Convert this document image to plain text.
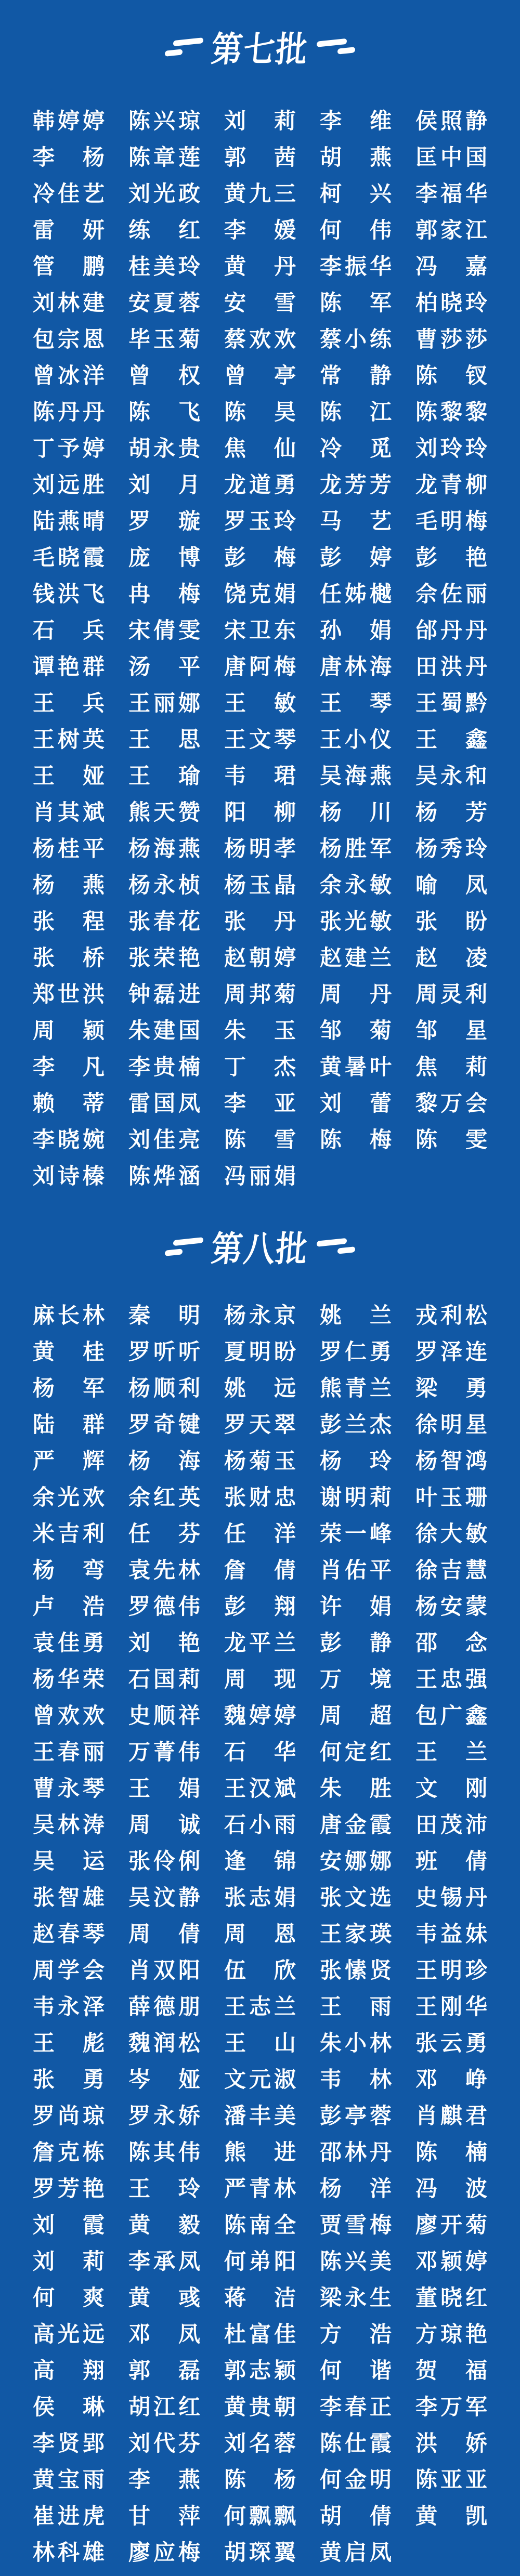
第七批
韩 婷 婷 陈 兴 琼 刘 莉 李 维 侯 照 静
李 杨 陈 章 莲 郭 茜 胡 燕 匡 中 国
冷 佳 艺 刘 光 政 黄 九 三 柯 兴 李 福 华
雷 妍 练 红 李 媛 何 伟 郭 家 江
管 鹏 桂 美 玲 黄 丹 李 振 华 冯 嘉
刘 林 建 安 夏 蓉 安 雪 陈 军 柏 晓 玲
包 宗 恩 毕 玉 菊 蔡 欢 欢 蔡 小 练 曹 莎 莎
曾 冰 洋 曾 权 曾 亭 常 静 陈 钗
陈 丹 丹 陈 飞 陈 昊 陈 江 陈 黎 黎
丁 予 婷 胡 永 贵 焦 仙 冷 觅 刘 玲 玲
刘 远 胜 刘 月 龙 道 勇 龙 芳 芳 龙 青 柳
陆 燕 晴 罗 璇 罗 玉 玲 马 艺 毛 明 梅
毛 晓 霞 庞 博 彭 梅 彭 婷 彭 艳
钱 洪 飞 冉 梅 饶 克 娟 任 姊 樾 佘 佐 丽
石 兵 宋 倩 雯 宋 卫 东 孙 娟 邰 丹 丹
谭 艳 群 汤 平 唐 阿 梅 唐 林 海 田 洪 丹
王 兵 王 丽 娜 王 敏 王 琴 王 蜀 黔
王 树 英 王 思 王 文 琴 王 小 仪 王 鑫
王 娅 王 瑜 韦 珺 吴 海 燕 吴 永 和
肖 其 斌 熊 天 赞 阳 柳 杨 川 杨 芳
杨 桂 平 杨 海 燕 杨 明 孝 杨 胜 军 杨 秀 玲
杨 燕 杨 永 桢 杨 玉 晶 余 永 敏 喻 凤
张 程 张 春 花 张 丹 张 光 敏 张 盼
张 桥 张 荣 艳 赵 朝 婷 赵 建 兰 赵 凌
郑 世 洪 钟 磊 进 周 邦 菊 周 丹 周 灵 利
周 颖 朱 建 国 朱 玉 邹 菊 邹 星
李 凡 李 贵 楠 丁 杰 黄 暑 叶 焦 莉
赖 蒂 雷 国 凤 李 亚 刘 蕾 黎 万 会
李 晓 婉 刘 佳 亮 陈 雪 陈 梅 陈 雯
刘 诗 榛 陈 烨 涵 冯 丽 娟
第八批
麻 长 林 秦 明 杨 永 京 姚 兰 戎 利 松
黄 桂 罗 听 听 夏 明 盼 罗 仁 勇 罗 泽 连
杨 军 杨 顺 利 姚 远 熊 青 兰 梁 勇
陆 群 罗 奇 键 罗 天 翠 彭 兰 杰 徐 明 星
严 辉 杨 海 杨 菊 玉 杨 玲 杨 智 鸿
余 光 欢 余 红 英 张 财 忠 谢 明 莉 叶 玉 珊
米 吉 利 任 芬 任 洋 荣 一 峰 徐 大 敏
杨 弯 袁 先 林 詹 倩 肖 佑 平 徐 吉 慧
卢 浩 罗 德 伟 彭 翔 许 娟 杨 安 蒙
袁 佳 勇 刘 艳 龙 平 兰 彭 静 邵 念
杨 华 荣 石 国 莉 周 现 万 境 王 忠 强
曾 欢 欢 史 顺 祥 魏 婷 婷 周 超 包 广 鑫
王 春 丽 万 菁 伟 石 华 何 定 红 王 兰
曹 永 琴 王 娟 王 汉 斌 朱 胜 文 刚
吴 林 涛 周 诚 石 小 雨 唐 金 霞 田 茂 沛
吴 运 张 伶 俐 逢 锦 安 娜 娜 班 倩
张 智 雄 吴 汶 静 张 志 娟 张 文 选 史 锡 丹
赵 春 琴 周 倩 周 恩 王 家 瑛 韦 益 妹
周 学 会 肖 双 阳 伍 欣 张 愫 贤 王 明 珍
韦 永 泽 薛 德 朋 王 志 兰 王 雨 王 刚 华
王 彪 魏 润 松 王 山 朱 小 林 张 云 勇
张 勇 岑 娅 文 元 淑 韦 林 邓 峥
罗 尚 琼 罗 永 娇 潘 丰 美 彭 亭 蓉 肖 麒 君
詹 克 栋 陈 其 伟 熊 进 邵 林 丹 陈 楠
罗 芳 艳 王 玲 严 青 林 杨 洋 冯 波
刘 霞 黄 毅 陈 南 全 贾 雪 梅 廖 开 菊
刘 莉 李 承 凤 何 弟 阳 陈 兴 美 邓 颖 婷
何 爽 黄 彧 蒋 洁 梁 永 生 董 晓 红
高 光 远 邓 凤 杜 富 佳 方 浩 方 琼 艳
高 翔 郭 磊 郭 志 颖 何 谐 贺 福
侯 琳 胡 江 红 黄 贵 朝 李 春 正 李 万 军
李 贤 郢 刘 代 芬 刘 名 蓉 陈 仕 霞 洪 娇
黄 宝 雨 李 燕 陈 杨 何 金 明 陈 亚 亚
崔 进 虎 甘 萍 何 飘 飘 胡 倩 黄 凯
林 科 雄 廖 应 梅 胡 琛 翼 黄 启 凤
